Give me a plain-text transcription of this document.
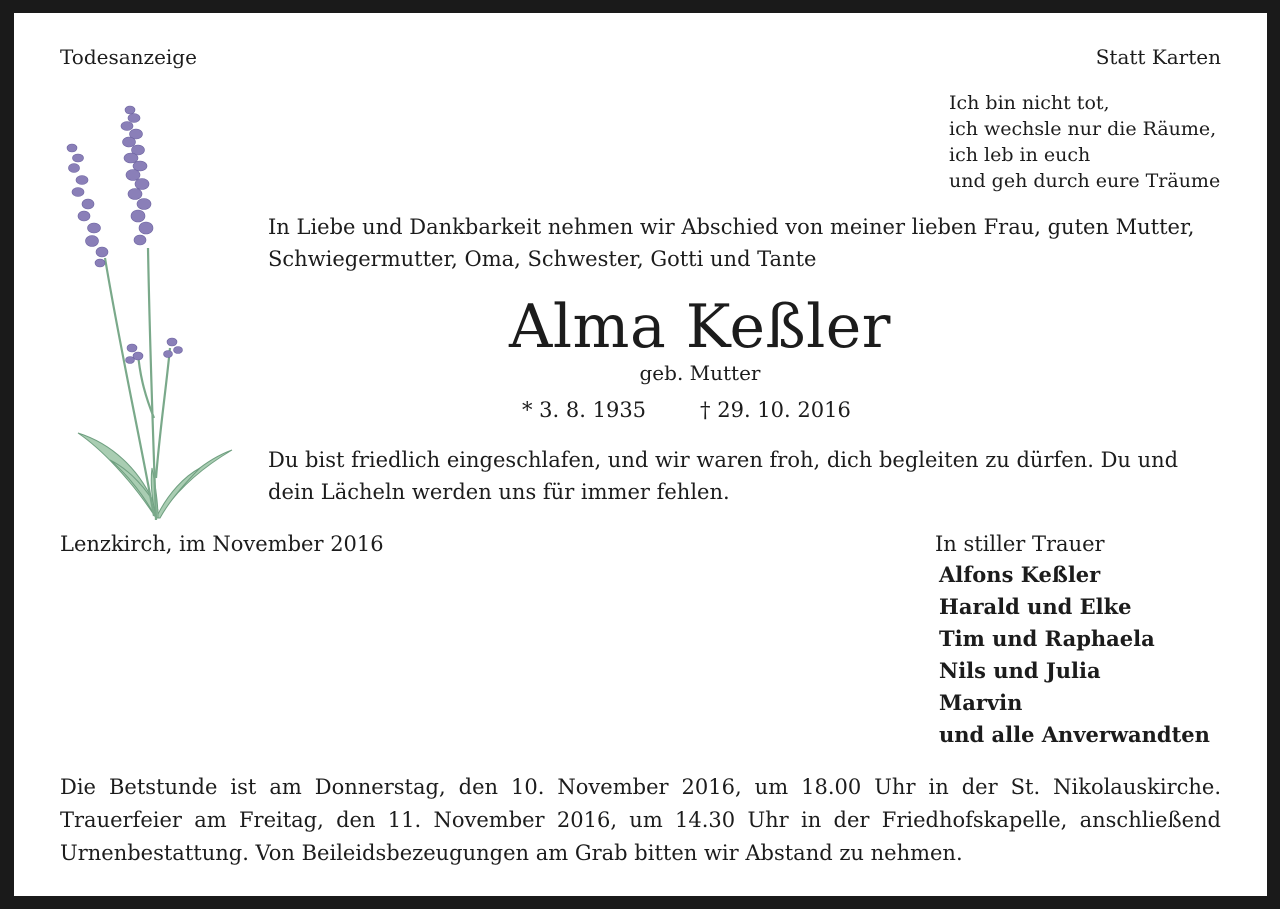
Todesanzeige	Statt Karten
Ich bin nicht tot,
ich wechsle nur die Räume,
ich leb in euch
und geh durch eure Träume
In Liebe und Dankbarkeit nehmen wir Abschied von meiner lieben Frau, guten Mutter,
Schwiegermutter, Oma, Schwester, Gotti und Tante
Alma Keßler
geb. Mutter
* 3. 8. 1935	† 29. 10. 2016
Du bist friedlich eingeschlafen, und wir waren froh, dich begleiten zu dürfen. Du und
dein Lächeln werden uns für immer fehlen.
Lenzkirch, im November 2016	In stiller Trauer
Alfons Keßler
Harald und Elke
Tim und Raphaela
Nils und Julia
Marvin
und alle Anverwandten
Die Betstunde ist am Donnerstag, den 10. November 2016, um 18.00 Uhr in der St. Nikolauskirche.
Trauerfeier am Freitag, den 11. November 2016, um 14.30 Uhr in der Friedhofskapelle, anschließend
Urnenbestattung. Von Beileidsbezeugungen am Grab bitten wir Abstand zu nehmen.
